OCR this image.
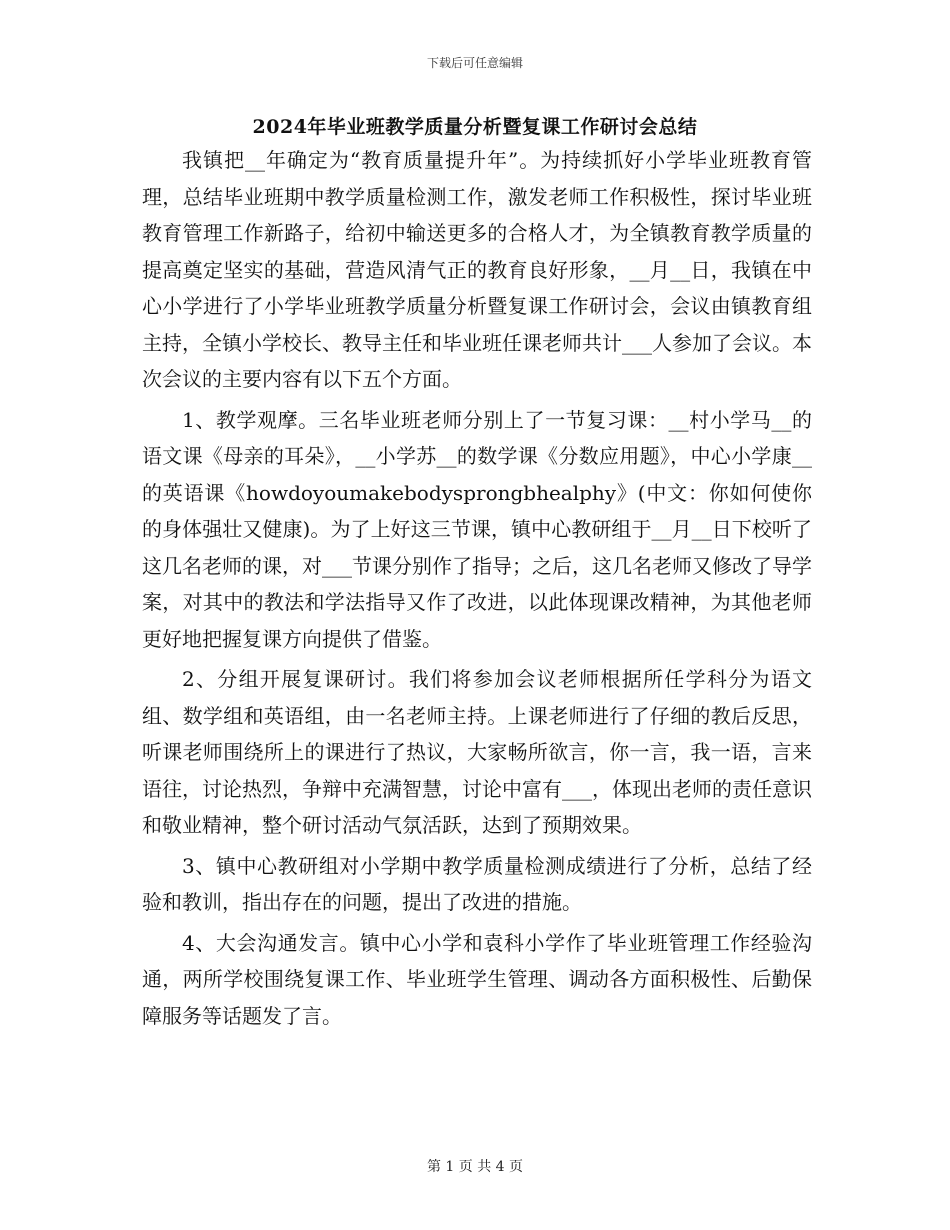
下载后可任意编辑
2024年毕业班教学质量分析暨复课工作研讨会总结

我镇把__年确定为“教育质量提升年”。为持续抓好小学毕业班教育管理，总结毕业班期中教学质量检测工作，激发老师工作积极性，探讨毕业班教育管理工作新路子，给初中输送更多的合格人才，为全镇教育教学质量的提高奠定坚实的基础，营造风清气正的教育良好形象，__月__日，我镇在中心小学进行了小学毕业班教学质量分析暨复课工作研讨会，会议由镇教育组主持，全镇小学校长、教导主任和毕业班任课老师共计___人参加了会议。本次会议的主要内容有以下五个方面。

1、教学观摩。三名毕业班老师分别上了一节复习课：__村小学马__的语文课《母亲的耳朵》，__小学苏__的数学课《分数应用题》，中心小学康__的英语课《howdoyoumakebodysprongbhealphy》(中文：你如何使你的身体强壮又健康)。为了上好这三节课，镇中心教研组于__月__日下校听了这几名老师的课，对___节课分别作了指导；之后，这几名老师又修改了导学案，对其中的教法和学法指导又作了改进，以此体现课改精神，为其他老师更好地把握复课方向提供了借鉴。

2、分组开展复课研讨。我们将参加会议老师根据所任学科分为语文组、数学组和英语组，由一名老师主持。上课老师进行了仔细的教后反思，听课老师围绕所上的课进行了热议，大家畅所欲言，你一言，我一语，言来语往，讨论热烈，争辩中充满智慧，讨论中富有___，体现出老师的责任意识和敬业精神，整个研讨活动气氛活跃，达到了预期效果。

3、镇中心教研组对小学期中教学质量检测成绩进行了分析，总结了经验和教训，指出存在的问题，提出了改进的措施。

4、大会沟通发言。镇中心小学和袁科小学作了毕业班管理工作经验沟通，两所学校围绕复课工作、毕业班学生管理、调动各方面积极性、后勤保障服务等话题发了言。

第 1 页 共 4 页
